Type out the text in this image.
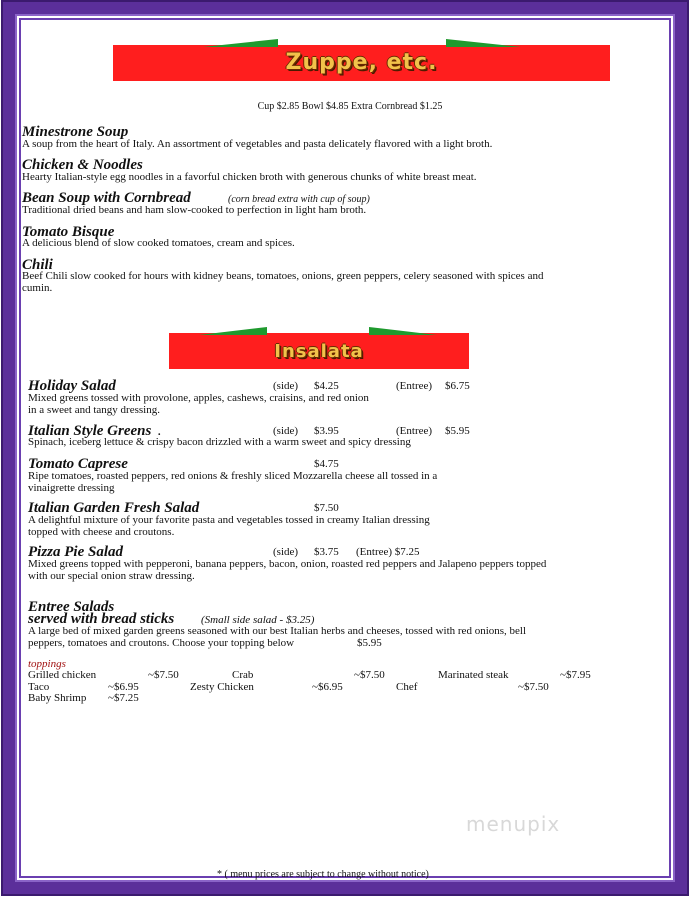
Zuppe, etc.
Cup $2.85 Bowl $4.85 Extra Cornbread $1.25
Minestrone Soup
A soup from the heart of Italy. An assortment of vegetables and pasta delicately flavored with a light broth.
Chicken & Noodles
Hearty Italian-style egg noodles in a favorful chicken broth with generous chunks of white breast meat.
Bean Soup with Cornbread	(corn bread extra with cup of soup)
Traditional dried beans and ham slow-cooked to perfection in light ham broth.
Tomato Bisque
A delicious blend of slow cooked tomatoes, cream and spices.
Chili
Beef Chili slow cooked for hours with kidney beans, tomatoes, onions, green peppers, celery seasoned with spices and
cumin.
Insalata
Holiday Salad	(side) $4.25	(Entree) $6.75
Mixed greens tossed with provolone, apples, cashews, craisins, and red onion
in a sweet and tangy dressing.
Italian Style Greens .	(side) $3.95	(Entree) $5.95
Spinach, iceberg lettuce & crispy bacon drizzled with a warm sweet and spicy dressing
Tomato Caprese	$4.75
Ripe tomatoes, roasted peppers, red onions & freshly sliced Mozzarella cheese all tossed in a
vinaigrette dressing
Italian Garden Fresh Salad	$7.50
A delightful mixture of your favorite pasta and vegetables tossed in creamy Italian dressing
topped with cheese and croutons.
Pizza Pie Salad	(side) $3.75 (Entree) $7.25
Mixed greens topped with pepperoni, banana peppers, bacon, onion, roasted red peppers and Jalapeno peppers topped
with our special onion straw dressing.
Entree Salads
served with bread sticks (Small side salad - $3.25)
A large bed of mixed garden greens seasoned with our best Italian herbs and cheeses, tossed with red onions, bell
peppers, tomatoes and croutons. Choose your topping below	$5.95
toppings
Grilled chicken	~$7.50	Crab	~$7.50	Marinated steak	~$7.95
Taco	~$6.95	Zesty Chicken	~$6.95	Chef	~$7.50
Baby Shrimp ~$7.25
menupix
* ( menu prices are subject to change without notice)
